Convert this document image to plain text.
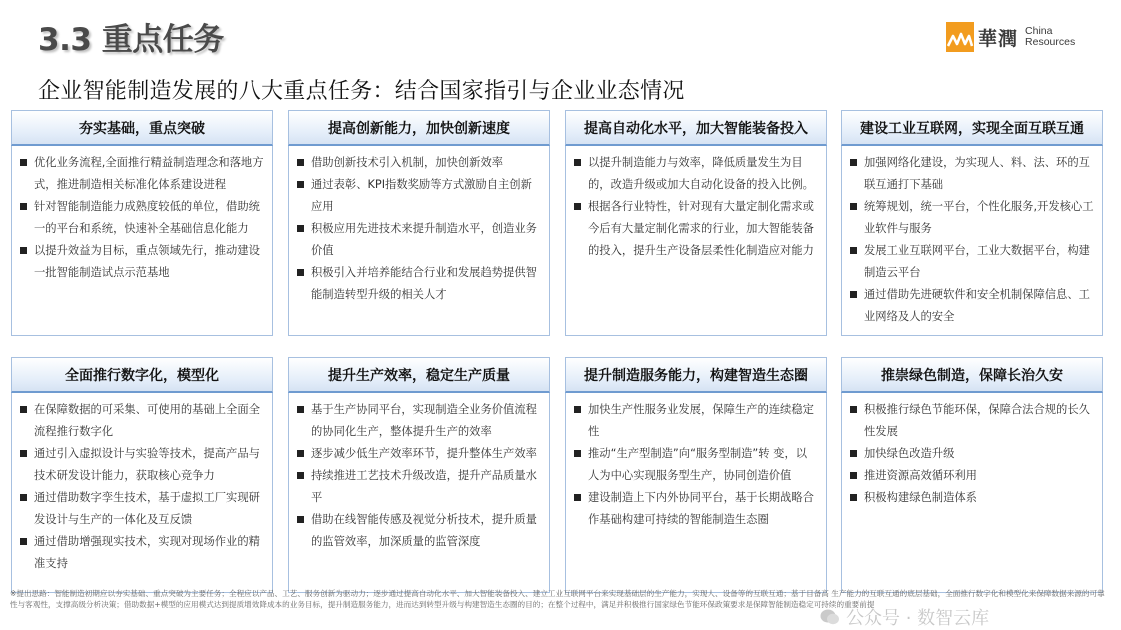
3.3 重点任务	華潤 China
Resources
企业智能制造发展的八大重点任务：结合国家指引与企业业态情况
夯实基础，重点突破
优化业务流程,全面推行精益制造理念和落地方式，推进制造相关标准化体系建设进程
针对智能制造能力成熟度较低的单位，借助统一的平台和系统，快速补全基础信息化能力
以提升效益为目标，重点领域先行，推动建设一批智能制造试点示范基地
提高创新能力，加快创新速度
借助创新技术引入机制，加快创新效率
通过表彰、KPI指数奖励等方式激励自主创新应用
积极应用先进技术来提升制造水平，创造业务价值
积极引入并培养能结合行业和发展趋势提供智能制造转型升级的相关人才
提高自动化水平，加大智能装备投入
以提升制造能力与效率，降低质量发生为目的，改造升级或加大自动化设备的投入比例。
根据各行业特性，针对现有大量定制化需求或今后有大量定制化需求的行业，加大智能装备的投入，提升生产设备层柔性化制造应对能力
建设工业互联网，实现全面互联互通
加强网络化建设，为实现人、料、法、环的互联互通打下基础
统筹规划，统一平台，个性化服务,开发核心工业软件与服务
发展工业互联网平台，工业大数据平台，构建制造云平台
通过借助先进硬软件和安全机制保障信息、工业网络及人的安全
全面推行数字化，模型化
在保障数据的可采集、可使用的基础上全面全流程推行数字化
通过引入虚拟设计与实验等技术，提高产品与技术研发设计能力，获取核心竞争力
通过借助数字孪生技术，基于虚拟工厂实现研发设计与生产的一体化及互反馈
通过借助增强现实技术，实现对现场作业的精准支持
提升生产效率，稳定生产质量
基于生产协同平台，实现制造全业务价值流程的协同化生产，整体提升生产的效率
逐步减少低生产效率环节，提升整体生产效率
持续推进工艺技术升级改造，提升产品质量水平
借助在线智能传感及视觉分析技术，提升质量的监管效率，加深质量的监管深度
提升制造服务能力，构建智造生态圈
加快生产性服务业发展，保障生产的连续稳定性
推动“生产型制造”向“服务型制造”转 变，以人为中心实现服务型生产，协同创造价值
建设制造上下内外协同平台，基于长期战略合作基础构建可持续的智能制造生态圈
推崇绿色制造，保障长治久安
积极推行绿色节能环保，保障合法合规的长久性发展
加快绿色改造升级
推进资源高效循环利用
积极构建绿色制造体系
※提出思路：智能制造初期应以夯实基础、重点突破为主要任务；全程应以产品、工艺、服务创新为驱动力；逐步通过提高自动化水平、加大智能装备投入、建立工业互联网平台来实现基础层的生产能力，实现人、设备等的互联互通；基于目备高 生产能力的互联互通的底层基础，全面推行数字化和模型化来保障数据来源的可靠性与客观性，支撑高级分析决策；借助数据+模型的应用模式达到提质增效降成本的业务目标，提升制造服务能力，进而达到转型升级与构建智造生态圈的目的；在整个过程中，满足并积极推行国家绿色节能环保政策要求是保障智能制造稳定可持续的重要前提
公众号 · 数智云库
